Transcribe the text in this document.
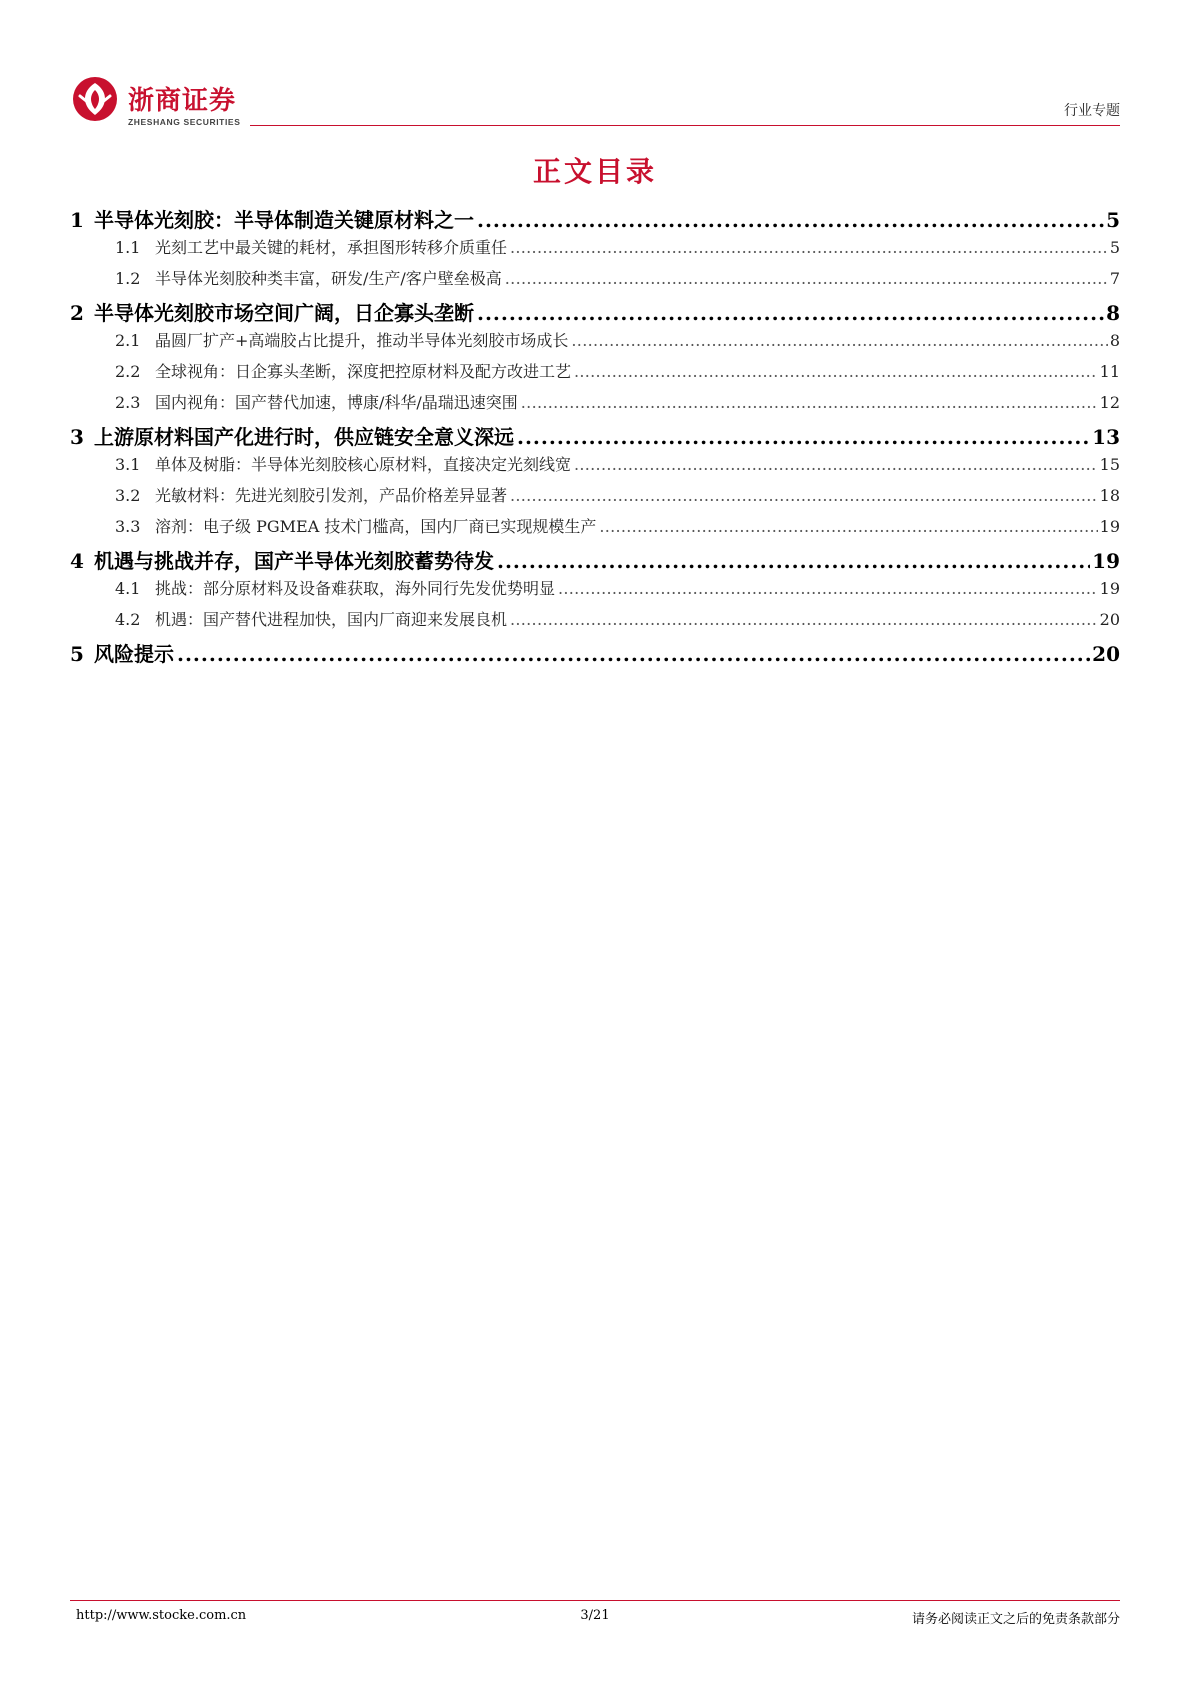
浙商证券
ZHESHANG SECURITIES
行业专题
正文目录
1 半导体光刻胶：半导体制造关键原材料之一 .....	5
1.1 光刻工艺中最关键的耗材，承担图形转移介质重任 .....	5
1.2 半导体光刻胶种类丰富，研发/生产/客户壁垒极高 .....	7
2 半导体光刻胶市场空间广阔，日企寡头垄断 .....	8
2.1 晶圆厂扩产+高端胶占比提升，推动半导体光刻胶市场成长 .....	8
2.2 全球视角：日企寡头垄断，深度把控原材料及配方改进工艺 .....	11
2.3 国内视角：国产替代加速，博康/科华/晶瑞迅速突围 .....	12
3 上游原材料国产化进行时，供应链安全意义深远 .....	13
3.1 单体及树脂：半导体光刻胶核心原材料，直接决定光刻线宽 .....	15
3.2 光敏材料：先进光刻胶引发剂，产品价格差异显著 .....	18
3.3 溶剂：电子级 PGMEA 技术门槛高，国内厂商已实现规模生产 .....	19
4 机遇与挑战并存，国产半导体光刻胶蓄势待发 .....	19
4.1 挑战：部分原材料及设备难获取，海外同行先发优势明显 .....	19
4.2 机遇：国产替代进程加快，国内厂商迎来发展良机 .....	20
5 风险提示 .....	20
http://www.stocke.com.cn	3/21	请务必阅读正文之后的免责条款部分
